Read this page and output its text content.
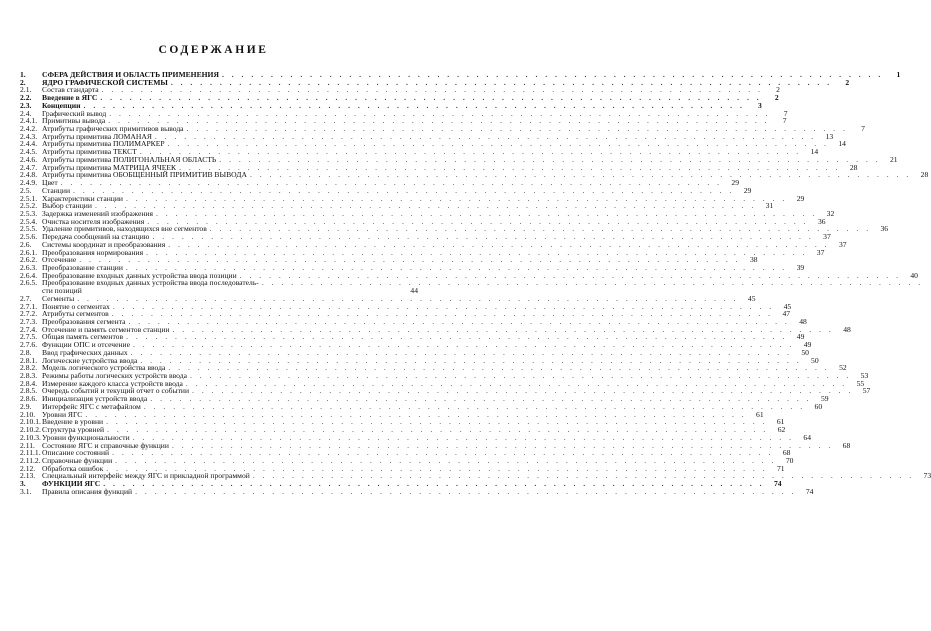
СОДЕРЖАНИЕ
1.	СФЕРА ДЕЙСТВИЯ И ОБЛАСТЬ ПРИМЕНЕНИЯ . . .	1
2.	ЯДРО ГРАФИЧЕСКОЙ СИСТЕМЫ . . .	2
2.1.	Состав стандарта . . .	2
2.2.	Введение в ЯГС . . .	2
2.3.	Концепции . . .	3
2.4.	Графический вывод . . .	7
2.4.1. Примитивы вывода . . .	7
2.4.2. Атрибуты графических примитивов вывода . . .	7
2.4.3. Атрибуты примитива ЛОМАНАЯ . . .	13
2.4.4. Атрибуты примитива ПОЛИМАРКЕР . . .	14
2.4.5. Атрибуты примитива ТЕКСТ . . .	14
2.4.6. Атрибуты примитива ПОЛИГОНАЛЬНАЯ ОБЛАСТЬ . . .	21
2.4.7. Атрибуты примитива МАТРИЦА ЯЧЕЕК . . .	28
2.4.8. Атрибуты примитива ОБОБЩЕННЫЙ ПРИМИТИВ ВЫВОДА . . .	28
2.4.9. Цвет . . .	29
2.5.	Станции . . .	29
2.5.1. Характеристики станции . . .	29
2.5.2. Выбор станции . . .	31
2.5.3. Задержка изменений изображения . . .	32
2.5.4. Очистка носителя изображения . . .	36
2.5.5. Удаление примитивов, находящихся вне сегментов . . .	36
2.5.6. Передача сообщений на станцию . . .	37
2.6.	Системы координат и преобразования . . .	37
2.6.1. Преобразования нормирования . . .	37
2.6.2. Отсечение . . .	38
2.6.3. Преобразование станции . . .	39
2.6.4. Преобразование входных данных устройства ввода позиции . . .	40
2.6.5. Преобразование входных данных устройства ввода последователь-
. . .
сти позиций	44
2.7.	Сегменты . . .	45
2.7.1. Понятие о сегментах . . .	45
2.7.2. Атрибуты сегментов . . .	47
2.7.3. Преобразования сегмента . . .	48
2.7.4. Отсечение и память сегментов станции . . .	48
2.7.5. Общая память сегментов . . .	49
2.7.6. Функции ОПС и отсечение . . .	49
2.8.	Ввод графических данных . . .	50
2.8.1. Логические устройства ввода . . .	50
2.8.2. Модель логического устройства ввода . . .	52
2.8.3. Режимы работы логических устройств ввода . . .	53
2.8.4. Измерение каждого класса устройств ввода . . .	55
2.8.5. Очередь событий и текущий отчет о событии . . .	57
2.8.6. Инициализация устройств ввода . . .	59
2.9.	Интерфейс ЯГС с метафайлом . . .	60
2.10. Уровни ЯГС . . .	61
2.10.1. Введение в уровни . . .	61
2.10.2. Структура уровней . . .	62
2.10.3. Уровни функциональности . . .	64
2.11. Состояние ЯГС и справочные функции . . .	68
2.11.1. Описание состояний . . .	68
2.11.2. Справочные функции . . .	70
2.12. Обработка ошибок . . .	71
2.13. Специальный интерфейс между ЯГС и прикладной программой . . .	73
3.	ФУНКЦИИ ЯГС . . .	74
3.1.	Правила описания функций . . .	74
